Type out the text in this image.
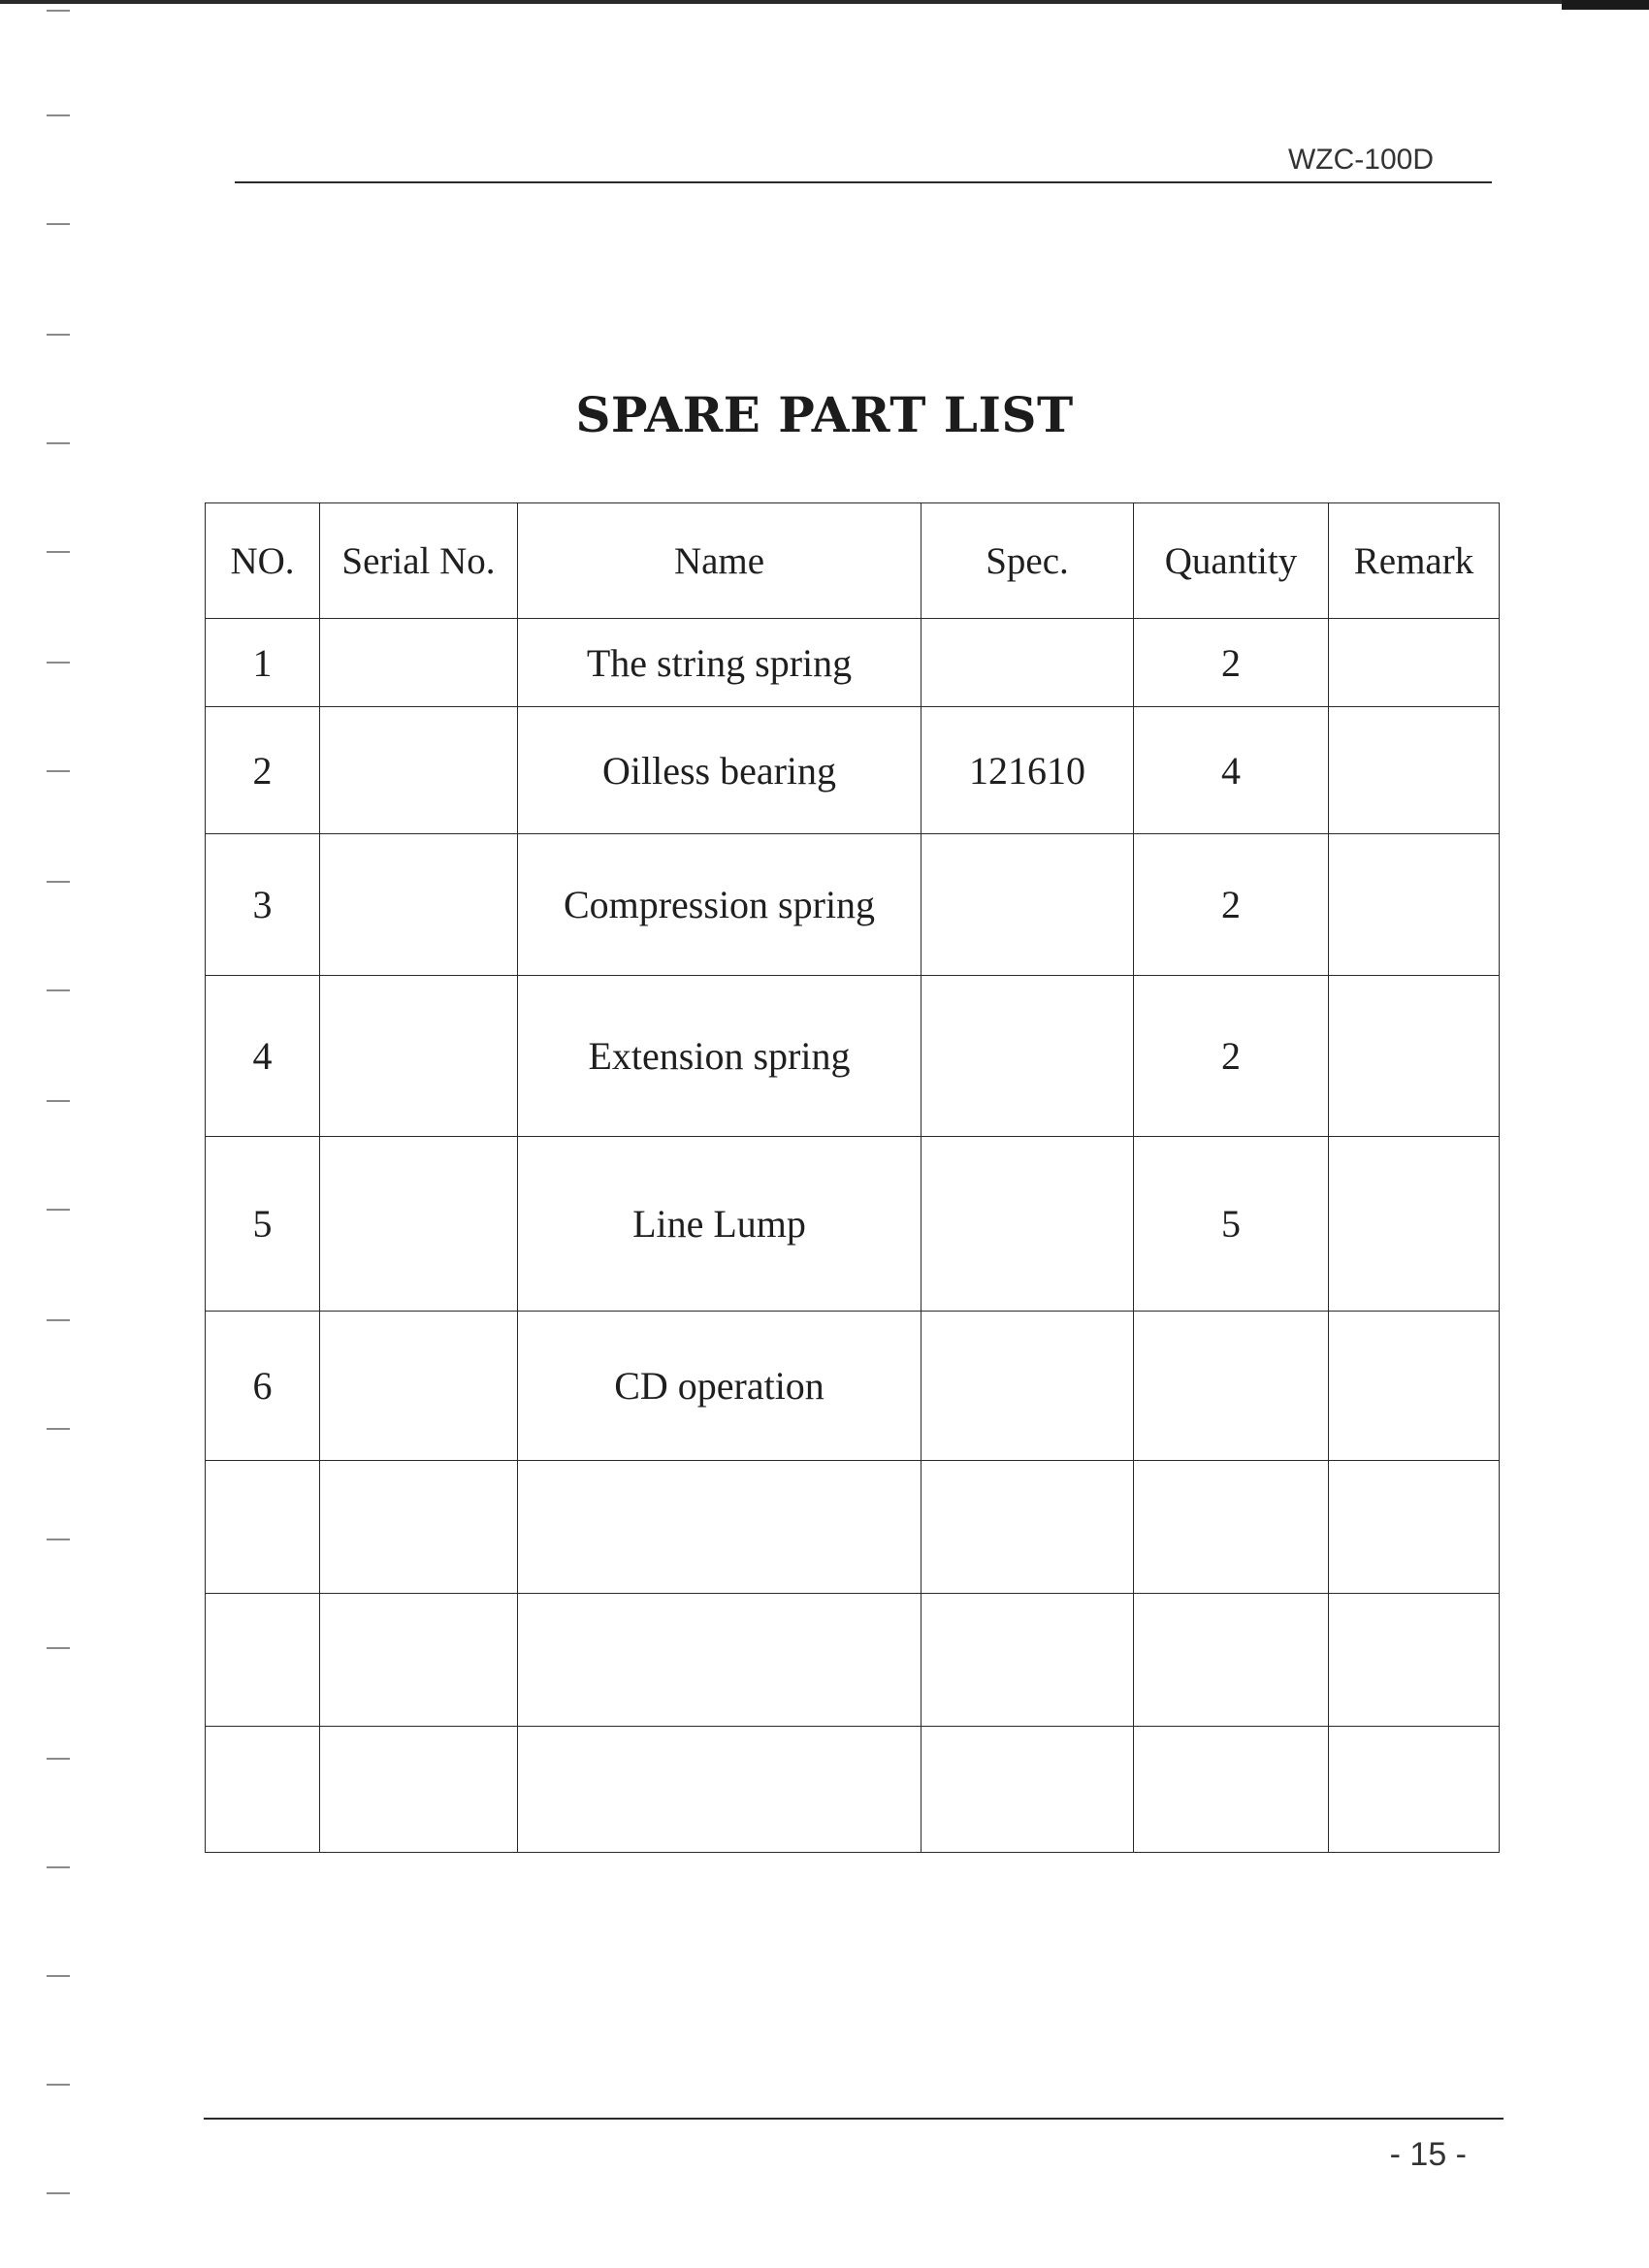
WZC-100D
SPARE PART LIST
NO.	Serial No.	Name	Spec.	Quantity	Remark
1		The string spring		2	
2		Oilless bearing	121610	4	
3		Compression spring		2	
4		Extension spring		2	
5		Line Lump		5	
6		CD operation			

- 15 -
